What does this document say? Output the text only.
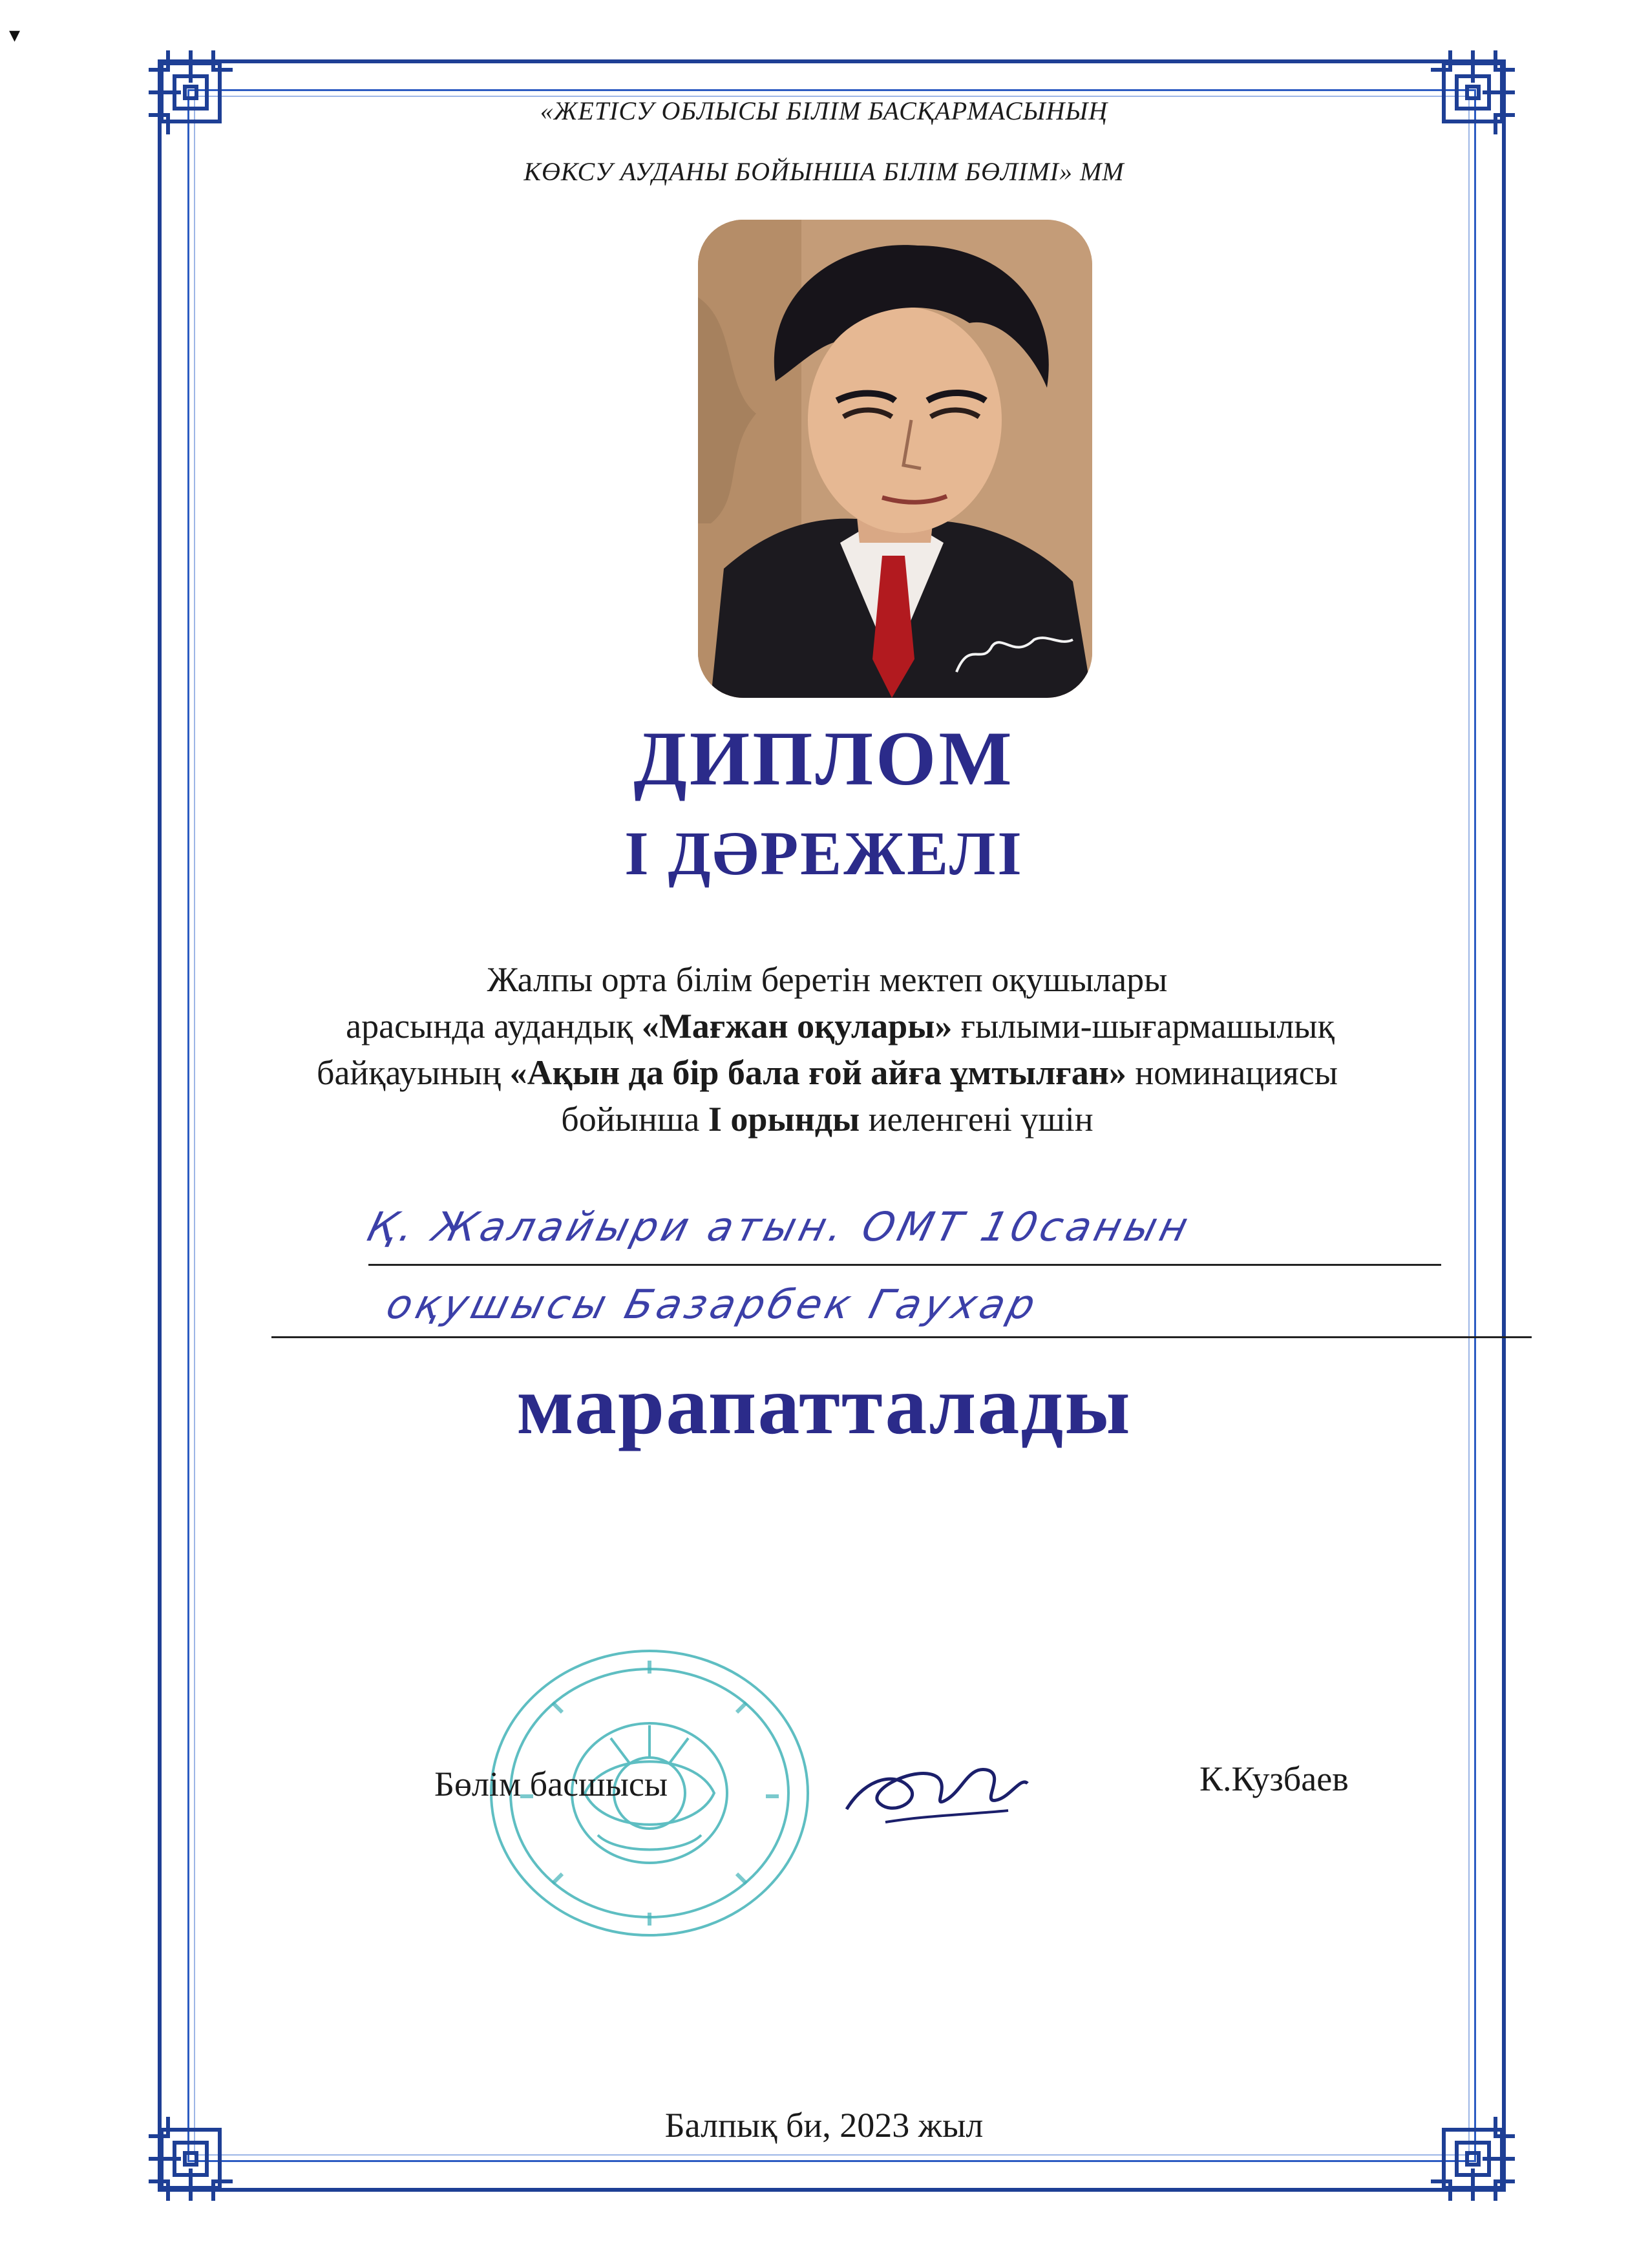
▾
«ЖЕТІСУ ОБЛЫСЫ БІЛІМ БАСҚАРМАСЫНЫҢ
КӨКСУ АУДАНЫ БОЙЫНША БІЛІМ БӨЛІМІ» ММ
ДИПЛОМ
І ДӘРЕЖЕЛІ
Жалпы орта білім беретін мектеп оқушылары
арасында аудандық «Мағжан оқулары» ғылыми-шығармашылық
байқауының «Ақын да бір бала ғой айға ұмтылған» номинациясы
бойынша І орынды иеленгені үшін
Қ. Жалайыри атын. ОМТ 10санын
оқушысы Базарбек Гаухар
марапатталады
Бөлім басшысы	К.Кузбаев
Балпық би, 2023 жыл
